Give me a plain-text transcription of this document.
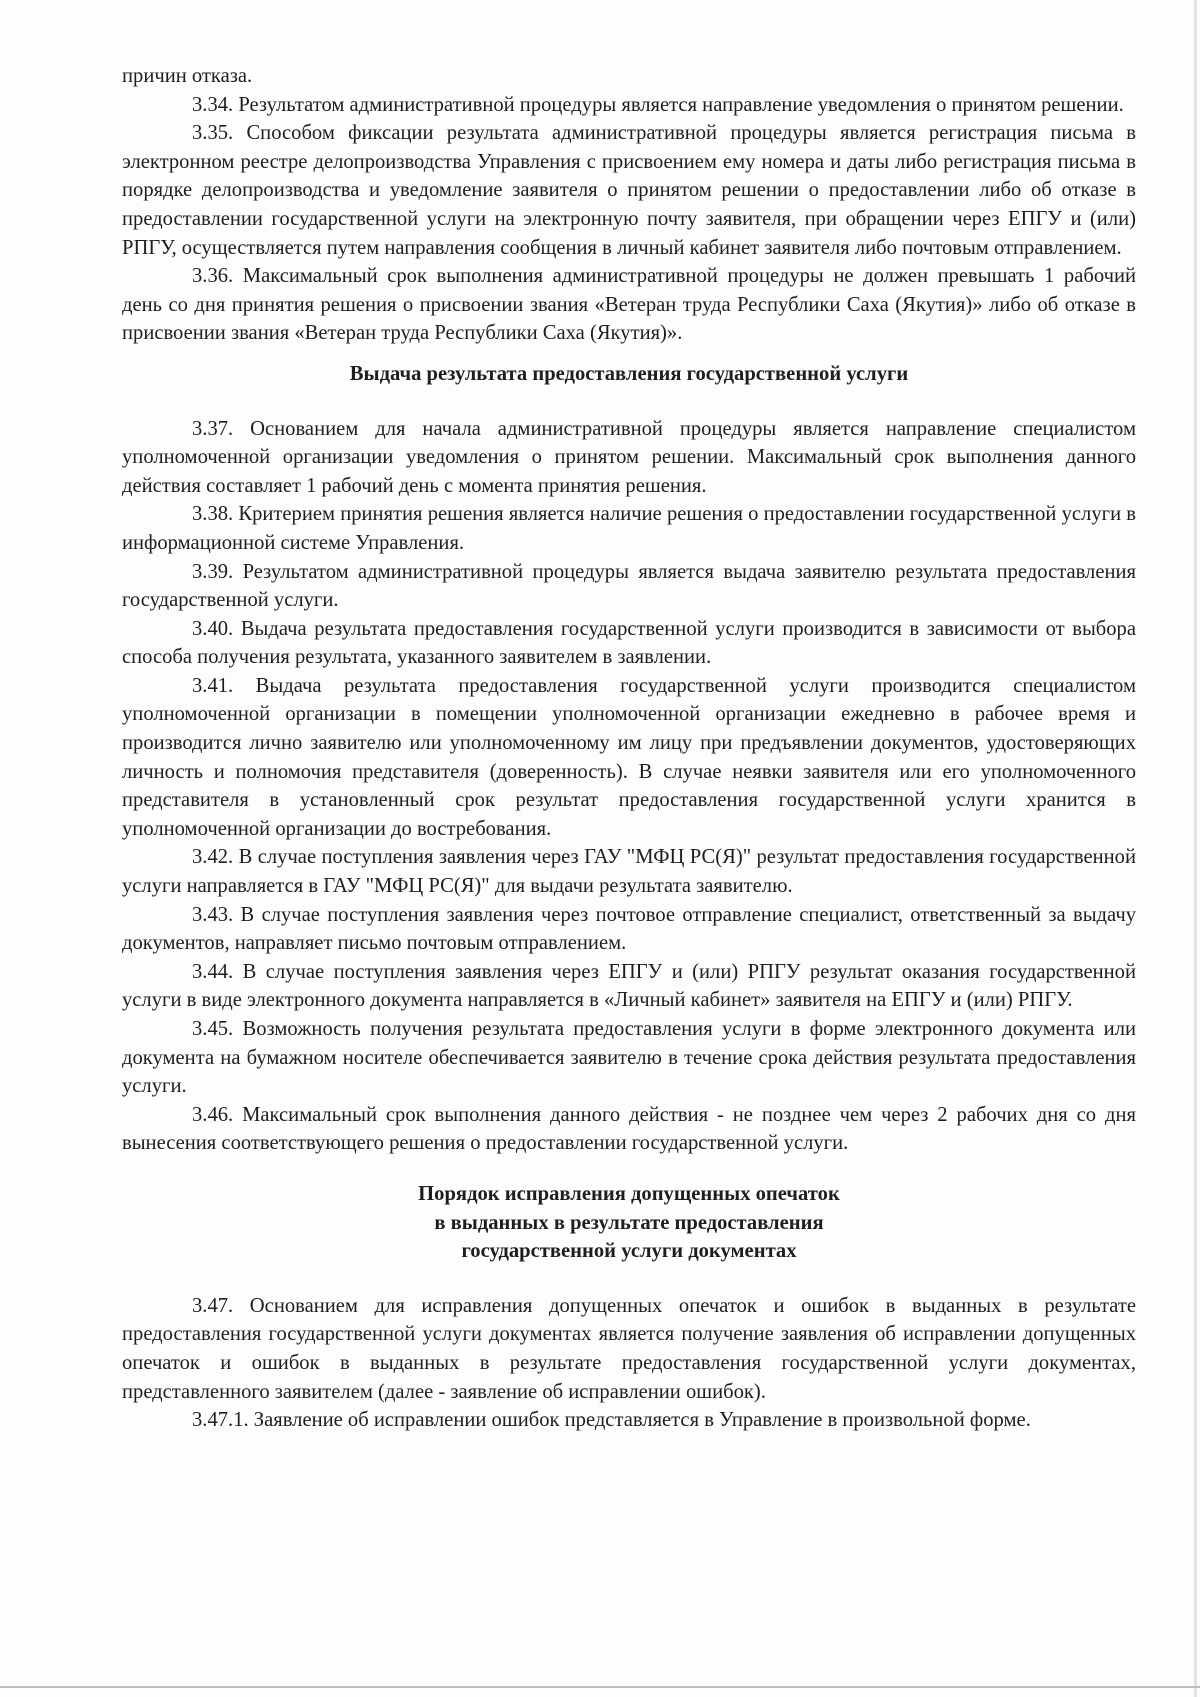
причин отказа.

3.34. Результатом административной процедуры является направление уведомления о принятом решении.

3.35. Способом фиксации результата административной процедуры является регистрация письма в электронном реестре делопроизводства Управления с присвоением ему номера и даты либо регистрация письма в порядке делопроизводства и уведомление заявителя о принятом решении о предоставлении либо об отказе в предоставлении государственной услуги на электронную почту заявителя, при обращении через ЕПГУ и (или) РПГУ, осуществляется путем направления сообщения в личный кабинет заявителя либо почтовым отправлением.

3.36. Максимальный срок выполнения административной процедуры не должен превышать 1 рабочий день со дня принятия решения о присвоении звания «Ветеран труда Республики Саха (Якутия)» либо об отказе в присвоении звания «Ветеран труда Республики Саха (Якутия)».

Выдача результата предоставления государственной услуги

3.37. Основанием для начала административной процедуры является направление специалистом уполномоченной организации уведомления о принятом решении. Максимальный срок выполнения данного действия составляет 1 рабочий день с момента принятия решения.

3.38. Критерием принятия решения является наличие решения о предоставлении государственной услуги в информационной системе Управления.

3.39. Результатом административной процедуры является выдача заявителю результата предоставления государственной услуги.

3.40. Выдача результата предоставления государственной услуги производится в зависимости от выбора способа получения результата, указанного заявителем в заявлении.

3.41. Выдача результата предоставления государственной услуги производится специалистом уполномоченной организации в помещении уполномоченной организации ежедневно в рабочее время и производится лично заявителю или уполномоченному им лицу при предъявлении документов, удостоверяющих личность и полномочия представителя (доверенность). В случае неявки заявителя или его уполномоченного представителя в установленный срок результат предоставления государственной услуги хранится в уполномоченной организации до востребования.

3.42. В случае поступления заявления через ГАУ "МФЦ РС(Я)" результат предоставления государственной услуги направляется в ГАУ "МФЦ РС(Я)" для выдачи результата заявителю.

3.43. В случае поступления заявления через почтовое отправление специалист, ответственный за выдачу документов, направляет письмо почтовым отправлением.

3.44. В случае поступления заявления через ЕПГУ и (или) РПГУ результат оказания государственной услуги в виде электронного документа направляется в «Личный кабинет» заявителя на ЕПГУ и (или) РПГУ.

3.45. Возможность получения результата предоставления услуги в форме электронного документа или документа на бумажном носителе обеспечивается заявителю в течение срока действия результата предоставления услуги.

3.46. Максимальный срок выполнения данного действия - не позднее чем через 2 рабочих дня со дня вынесения соответствующего решения о предоставлении государственной услуги.

Порядок исправления допущенных опечаток
в выданных в результате предоставления
государственной услуги документах

3.47. Основанием для исправления допущенных опечаток и ошибок в выданных в результате предоставления государственной услуги документах является получение заявления об исправлении допущенных опечаток и ошибок в выданных в результате предоставления государственной услуги документах, представленного заявителем (далее - заявление об исправлении ошибок).

3.47.1. Заявление об исправлении ошибок представляется в Управление в произвольной форме.
